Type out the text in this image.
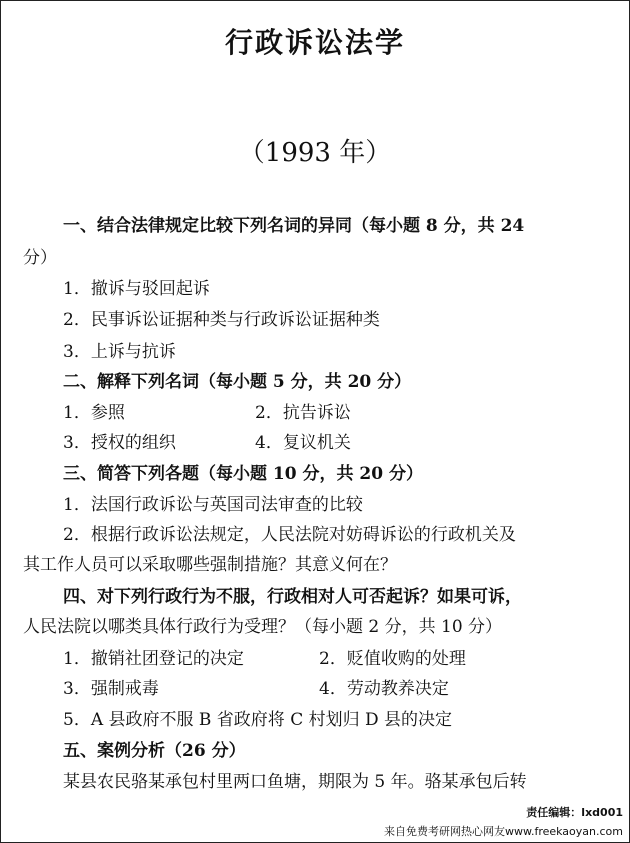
行政诉讼法学
（1993 年）
一、结合法律规定比较下列名词的异同（每小题 8 分，共 24
分）
1．撤诉与驳回起诉
2．民事诉讼证据种类与行政诉讼证据种类
3．上诉与抗诉
二、解释下列名词（每小题 5 分，共 20 分）
1．参照	2．抗告诉讼
3．授权的组织	4．复议机关
三、简答下列各题（每小题 10 分，共 20 分）
1．法国行政诉讼与英国司法审查的比较
2．根据行政诉讼法规定，人民法院对妨碍诉讼的行政机关及
其工作人员可以采取哪些强制措施？其意义何在？
四、对下列行政行为不服，行政相对人可否起诉？如果可诉，
人民法院以哪类具体行政行为受理？（每小题 2 分，共 10 分）
1．撤销社团登记的决定	2．贬值收购的处理
3．强制戒毒	4．劳动教养决定
5．A 县政府不服 B 省政府将 C 村划归 D 县的决定
五、案例分析（26 分）
某县农民骆某承包村里两口鱼塘，期限为 5 年。骆某承包后转
责任编辑：lxd001
来自免费考研网热心网友www.freekaoyan.com
